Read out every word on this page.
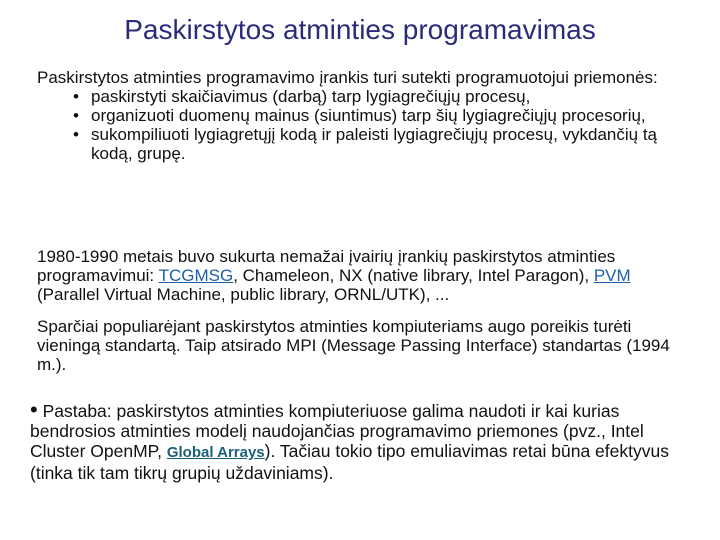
Paskirstytos atminties programavimas

Paskirstytos atminties programavimo įrankis turi sutekti programuotojui priemonės:

• paskirstyti skaičiavimus (darbą) tarp lygiagrečiųjų procesų,
• organizuoti duomenų mainus (siuntimus) tarp šių lygiagrečiųjų procesorių,
• sukompiliuoti lygiagretųjį kodą ir paleisti lygiagrečiųjų procesų, vykdančių tą kodą, grupę.
1980-1990 metais buvo sukurta nemažai įvairių įrankių paskirstytos atminties programavimui: TCGMSG, Chameleon, NX (native library, Intel Paragon), PVM (Parallel Virtual Machine, public library, ORNL/UTK), ...
Sparčiai populiarėjant paskirstytos atminties kompiuteriams augo poreikis turėti vieningą standartą. Taip atsirado MPI (Message Passing Interface) standartas (1994 m.).
• Pastaba: paskirstytos atminties kompiuteriuose galima naudoti ir kai kurias bendrosios atminties modelį naudojančias programavimo priemones (pvz., Intel Cluster OpenMP, Global Arrays). Tačiau tokio tipo emuliavimas retai būna efektyvus (tinka tik tam tikrų grupių uždaviniams).
